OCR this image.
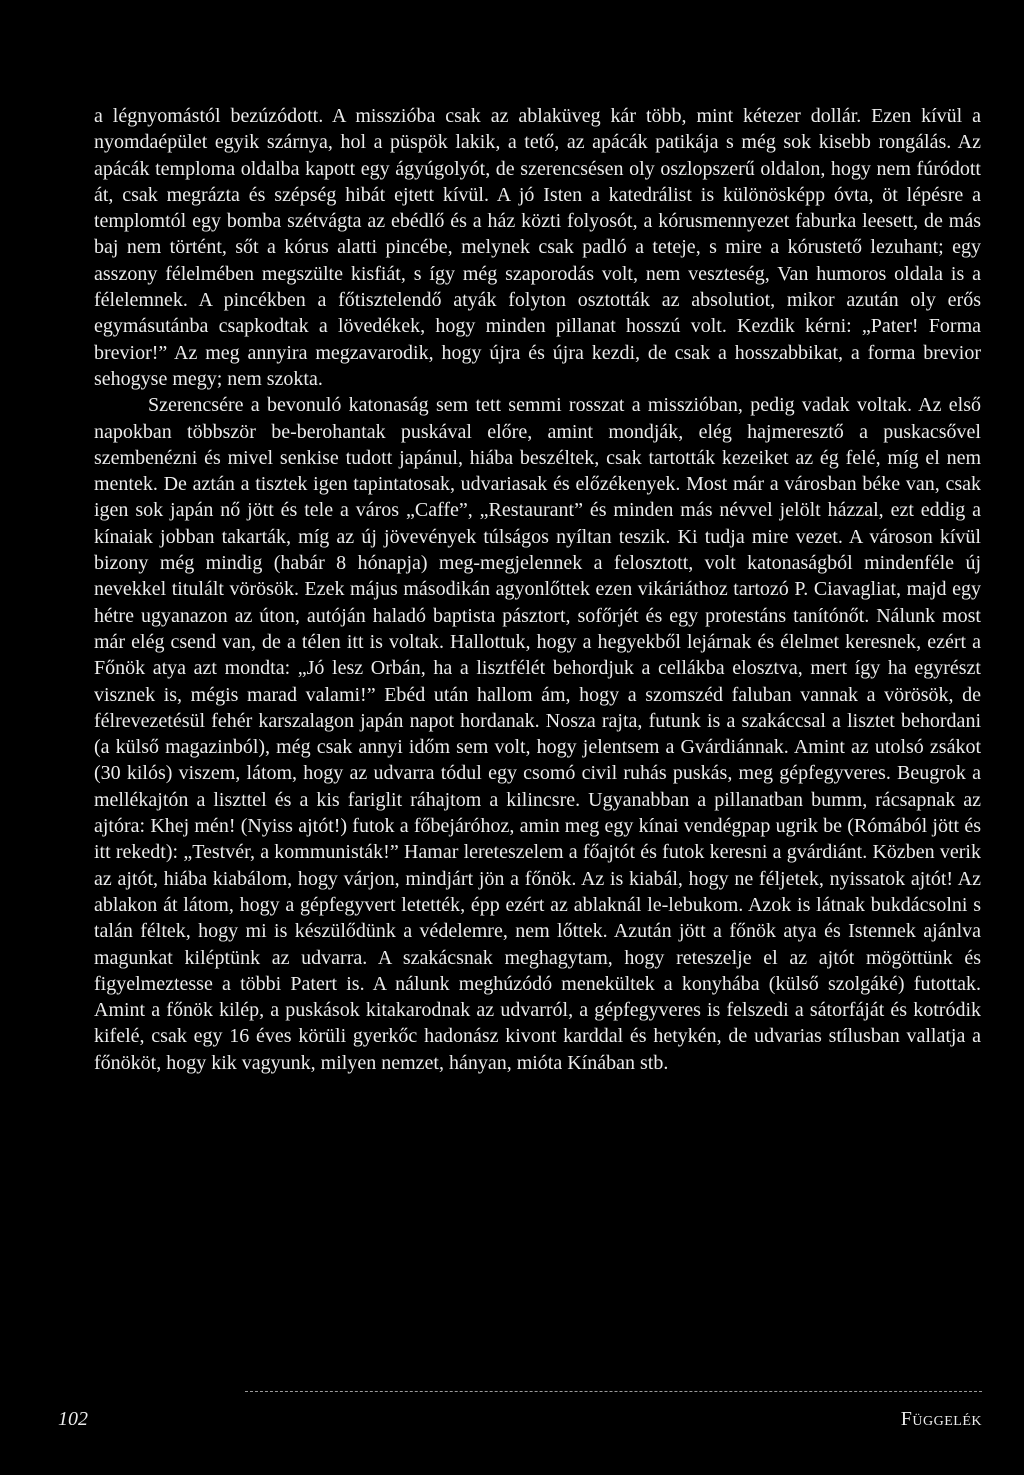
a légnyomástól bezúzódott. A misszióba csak az ablaküveg kár több, mint kétezer dollár. Ezen kívül a nyomdaépület egyik szárnya, hol a püspök lakik, a tető, az apácák patikája s még sok kisebb rongálás. Az apácák temploma oldalba kapott egy ágyúgolyót, de szerencsésen oly oszlopszerű oldalon, hogy nem fúródott át, csak megrázta és szépség hibát ejtett kívül. A jó Isten a katedrálist is különösképp óvta, öt lépésre a templomtól egy bomba szétvágta az ebédlő és a ház közti folyosót, a kórusmennyezet faburka leesett, de más baj nem történt, sőt a kórus alatti pincébe, melynek csak padló a teteje, s mire a kórustető lezuhant; egy asszony félelmében megszülte kisfiát, s így még szaporodás volt, nem veszteség, Van humoros oldala is a félelemnek. A pincékben a főtisztelendő atyák folyton osztották az absolutiot, mikor azután oly erős egymásutánba csapkodtak a lövedékek, hogy minden pillanat hosszú volt. Kezdik kérni: „Pater! Forma brevior!” Az meg annyira megzavarodik, hogy újra és újra kezdi, de csak a hosszabbikat, a forma brevior sehogyse megy; nem szokta.

Szerencsére a bevonuló katonaság sem tett semmi rosszat a misszióban, pedig vadak voltak. Az első napokban többször be-berohantak puskával előre, amint mondják, elég hajmeresztő a puskacsővel szembenézni és mivel senkise tudott japánul, hiába beszéltek, csak tartották kezeiket az ég felé, míg el nem mentek. De aztán a tisztek igen tapintatosak, udvariasak és előzékenyek. Most már a városban béke van, csak igen sok japán nő jött és tele a város „Caffe”, „Restaurant” és minden más névvel jelölt házzal, ezt eddig a kínaiak jobban takarták, míg az új jövevények túlságos nyíltan teszik. Ki tudja mire vezet. A városon kívül bizony még mindig (habár 8 hónapja) meg-megjelennek a felosztott, volt katonaságból mindenféle új nevekkel titulált vörösök. Ezek május másodikán agyonlőttek ezen vikáriáthoz tartozó P. Ciavagliat, majd egy hétre ugyanazon az úton, autóján haladó baptista pásztort, sofőrjét és egy protestáns tanítónőt. Nálunk most már elég csend van, de a télen itt is voltak. Hallottuk, hogy a hegyekből lejárnak és élelmet keresnek, ezért a Főnök atya azt mondta: „Jó lesz Orbán, ha a lisztfélét behordjuk a cellákba elosztva, mert így ha egyrészt visznek is, mégis marad valami!” Ebéd után hallom ám, hogy a szomszéd faluban vannak a vörösök, de félrevezetésül fehér karszalagon japán napot hordanak. Nosza rajta, futunk is a szakáccsal a lisztet behordani (a külső magazinból), még csak annyi időm sem volt, hogy jelentsem a Gvárdiánnak. Amint az utolsó zsákot (30 kilós) viszem, látom, hogy az udvarra tódul egy csomó civil ruhás puskás, meg gépfegyveres. Beugrok a mellékajtón a liszttel és a kis fariglit ráhajtom a kilincsre. Ugyanabban a pillanatban bumm, rácsapnak az ajtóra: Khej mén! (Nyiss ajtót!) futok a főbejáróhoz, amin meg egy kínai vendégpap ugrik be (Rómából jött és itt rekedt): „Testvér, a kommunisták!” Hamar lereteszelem a főajtót és futok keresni a gvárdiánt. Közben verik az ajtót, hiába kiabálom, hogy várjon, mindjárt jön a főnök. Az is kiabál, hogy ne féljetek, nyissatok ajtót! Az ablakon át látom, hogy a gépfegyvert letették, épp ezért az ablaknál le-lebukom. Azok is látnak bukdácsolni s talán féltek, hogy mi is készülődünk a védelemre, nem lőttek. Azután jött a főnök atya és Istennek ajánlva magunkat kiléptünk az udvarra. A szakácsnak meghagytam, hogy reteszelje el az ajtót mögöttünk és figyelmeztesse a többi Patert is. A nálunk meghúzódó menekültek a konyhába (külső szolgáké) futottak. Amint a főnök kilép, a puskások kitakarodnak az udvarról, a gépfegyveres is felszedi a sátorfáját és kotródik kifelé, csak egy 16 éves körüli gyerkőc hadonász kivont karddal és hetykén, de udvarias stílusban vallatja a főnököt, hogy kik vagyunk, milyen nemzet, hányan, mióta Kínában stb.

102	Függelék
